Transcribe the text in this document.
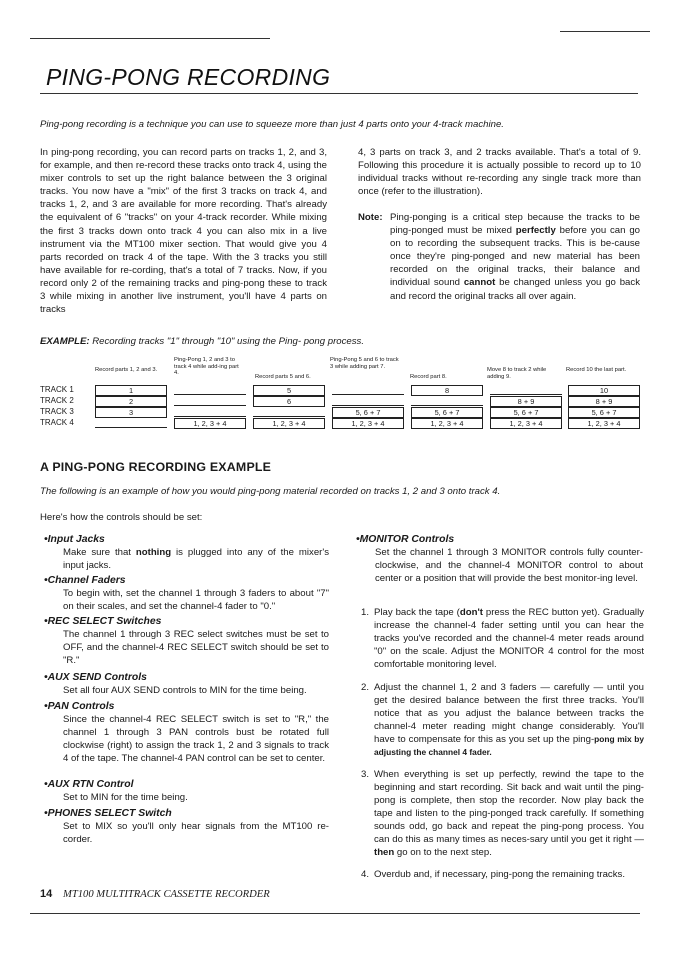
PING-PONG RECORDING
Ping-pong recording is a technique you can use to squeeze more than just 4 parts onto your 4-track machine.

In ping-pong recording, you can record parts on tracks 1, 2, and 3, for example, and then re-record these tracks onto track 4, using the mixer controls to set up the right balance between the 3 original tracks. You now have a "mix" of the first 3 tracks on track 4, and tracks 1, 2, and 3 are available for more recording. That's already the equivalent of 6 "tracks" on your 4-track recorder. While mixing the first 3 tracks down onto track 4 you can also mix in a live instrument via the MT100 mixer section. That would give you 4 parts recorded on track 4 of the tape. With the 3 tracks you still have available for re-cording, that's a total of 7 tracks. Now, if you record only 2 of the remaining tracks and ping-pong these to track 3 while mixing in another live instrument, you'll have 4 parts on tracks

4, 3 parts on track 3, and 2 tracks available. That's a total of 9. Following this procedure it is actually possible to record up to 10 individual tracks without re-recording any single track more than once (refer to the illustration).

Note: Ping-ponging is a critical step because the tracks to be ping-ponged must be mixed perfectly before you can go on to recording the subsequent tracks. This is be-cause once they're ping-ponged and new material has been recorded on the original tracks, their balance and individual sound cannot be changed unless you go back and record the original tracks all over again.
EXAMPLE: Recording tracks "1" through "10" using the Ping- pong process.
Record parts 1, 2 and 3.
Ping-Pong 1, 2 and 3 to track 4 while add-ing part 4.
Record parts 5 and 6.
Ping-Pong 5 and 6 to track 3 while adding part 7.
Record part 8.
Move 8 to track 2 while adding 9.
Record 10 the last part.
TRACK 1
TRACK 2
TRACK 3
TRACK 4
1
2
3
1, 2, 3 + 4
5
6
1, 2, 3 + 4
5, 6 + 7
1, 2, 3 + 4
8
5, 6 + 7
1, 2, 3 + 4
8 + 9
5, 6 + 7
1, 2, 3 + 4
10
8 + 9
5, 6 + 7
1, 2, 3 + 4
A PING-PONG RECORDING EXAMPLE
The following is an example of how you would ping-pong material recorded on tracks 1, 2 and 3 onto track 4.
Here's how the controls should be set:
•Input Jacks
Make sure that nothing is plugged into any of the mixer's input jacks.
•Channel Faders
To begin with, set the channel 1 through 3 faders to about "7" on their scales, and set the channel-4 fader to "0."
•REC SELECT Switches
The channel 1 through 3 REC select switches must be set to OFF, and the channel-4 REC SELECT switch should be set to "R."
•AUX SEND Controls
Set all four AUX SEND controls to MIN for the time being.
•PAN Controls
Since the channel-4 REC SELECT switch is set to "R," the channel 1 through 3 PAN controls bust be rotated full clockwise (right) to assign the track 1, 2 and 3 signals to track 4 of the tape. The channel-4 PAN control can be set to center.
•AUX RTN Control
Set to MIN for the time being.
•PHONES SELECT Switch
Set to MIX so you'll only hear signals from the MT100 re-corder.
•MONITOR Controls
Set the channel 1 through 3 MONITOR controls fully counter-clockwise, and the channel-4 MONITOR control to about center or a position that will provide the best monitor-ing level.
1. Play back the tape (don't press the REC button yet). Gradually increase the channel-4 fader setting until you can hear the tracks you've recorded and the channel-4 meter reads around "0" on the scale. Adjust the MONITOR 4 control for the most comfortable monitoring level.
2. Adjust the channel 1, 2 and 3 faders — carefully — until you get the desired balance between the first three tracks. You'll notice that as you adjust the balance between tracks the channel-4 meter reading might change considerably. You'll have to compensate for this as you set up the ping-pong mix by adjusting the channel 4 fader.
3. When everything is set up perfectly, rewind the tape to the beginning and start recording. Sit back and wait until the ping-pong is complete, then stop the recorder. Now play back the tape and listen to the ping-ponged track carefully. If something sounds odd, go back and repeat the ping-pong process. You can do this as many times as neces-sary until you get it right — then go on to the next step.
4. Overdub and, if necessary, ping-pong the remaining tracks.
14 MT100 MULTITRACK CASSETTE RECORDER
